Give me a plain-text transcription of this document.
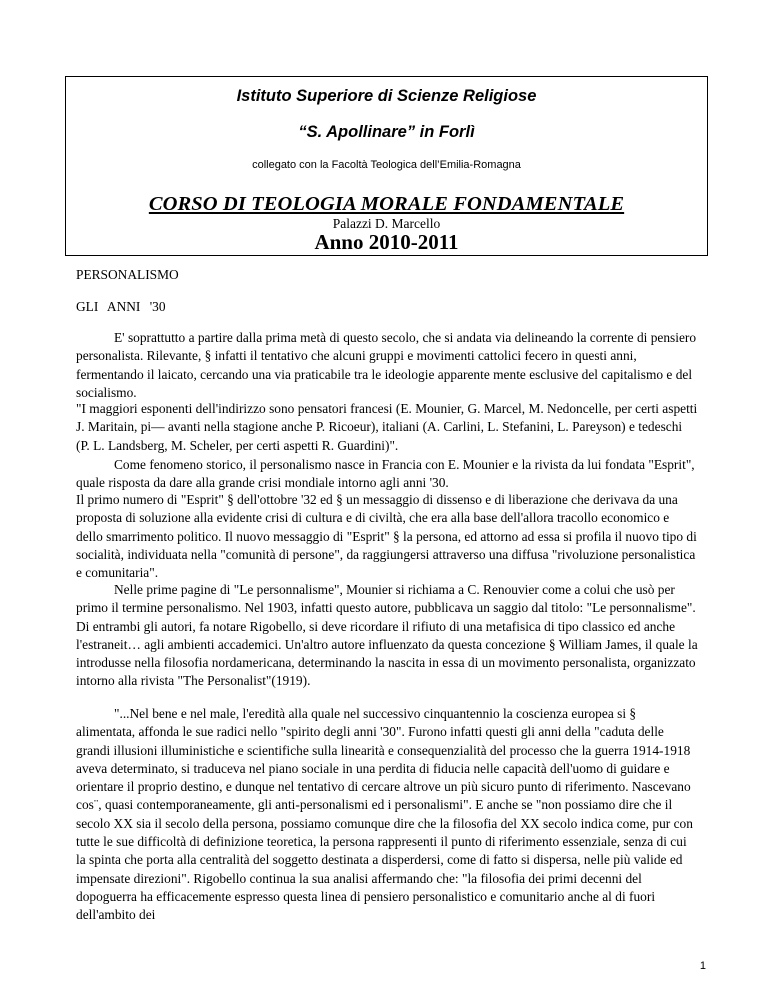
Istituto Superiore di Scienze Religiose
“S. Apollinare” in Forlì
collegato con la Facoltà Teologica dell’Emilia-Romagna
CORSO DI TEOLOGIA MORALE FONDAMENTALE
Palazzi D. Marcello
Anno 2010-2011
PERSONALISMO
GLI ANNI '30

E' soprattutto a partire dalla prima metà di questo secolo, che si andata via delineando la corrente di pensiero personalista. Rilevante, § infatti il tentativo che alcuni gruppi e movimenti cattolici fecero in questi anni, fermentando il laicato, cercando una via praticabile tra le ideologie apparente mente esclusive del capitalismo e del socialismo.

"I maggiori esponenti dell'indirizzo sono pensatori francesi (E. Mounier, G. Marcel, M. Nedoncelle, per certi aspetti J. Maritain, pi— avanti nella stagione anche P. Ricoeur), italiani (A. Carlini, L. Stefanini, L. Pareyson) e tedeschi (P. L. Landsberg, M. Scheler, per certi aspetti R. Guardini)".

Come fenomeno storico, il personalismo nasce in Francia con E. Mounier e la rivista da lui fondata "Esprit", quale risposta da dare alla grande crisi mondiale intorno agli anni '30.

Il primo numero di "Esprit" § dell'ottobre '32 ed § un messaggio di dissenso e di liberazione che derivava da una proposta di soluzione alla evidente crisi di cultura e di civiltà, che era alla base dell'allora tracollo economico e dello smarrimento politico. Il nuovo messaggio di "Esprit" § la persona, ed attorno ad essa si profila il nuovo tipo di socialità, individuata nella "comunità di persone", da raggiungersi attraverso una diffusa "rivoluzione personalistica e comunitaria".

Nelle prime pagine di "Le personnalisme", Mounier si richiama a C. Renouvier come a colui che usò per primo il termine personalismo. Nel 1903, infatti questo autore, pubblicava un saggio dal titolo: "Le personnalisme". Di entrambi gli autori, fa notare Rigobello, si deve ricordare il rifiuto di una metafisica di tipo classico ed anche l'estraneit… agli ambienti accademici. Un'altro autore influenzato da questa concezione § William James, il quale la introdusse nella filosofia nordamericana, determinando la nascita in essa di un movimento personalista, organizzato intorno alla rivista "The Personalist"(1919).

"...Nel bene e nel male, l'eredità alla quale nel successivo cinquantennio la coscienza europea si § alimentata, affonda le sue radici nello "spirito degli anni '30". Furono infatti questi gli anni della "caduta delle grandi illusioni illuministiche e scientifiche sulla linearità e consequenzialità del processo che la guerra 1914-1918 aveva determinato, si traduceva nel piano sociale in una perdita di fiducia nelle capacità dell'uomo di guidare e orientare il proprio destino, e dunque nel tentativo di cercare altrove un più sicuro punto di riferimento. Nascevano cos¨, quasi contemporaneamente, gli anti-personalismi ed i personalismi". E anche se "non possiamo dire che il secolo XX sia il secolo della persona, possiamo comunque dire che la filosofia del XX secolo indica come, pur con tutte le sue difficoltà di definizione teoretica, la persona rappresenti il punto di riferimento essenziale, senza di cui la spinta che porta alla centralità del soggetto destinata a disperdersi, come di fatto si dispersa, nelle più valide ed impensate direzioni". Rigobello continua la sua analisi affermando che: "la filosofia dei primi decenni del dopoguerra ha efficacemente espresso questa linea di pensiero personalistico e comunitario anche al di fuori dell'ambito dei

1
